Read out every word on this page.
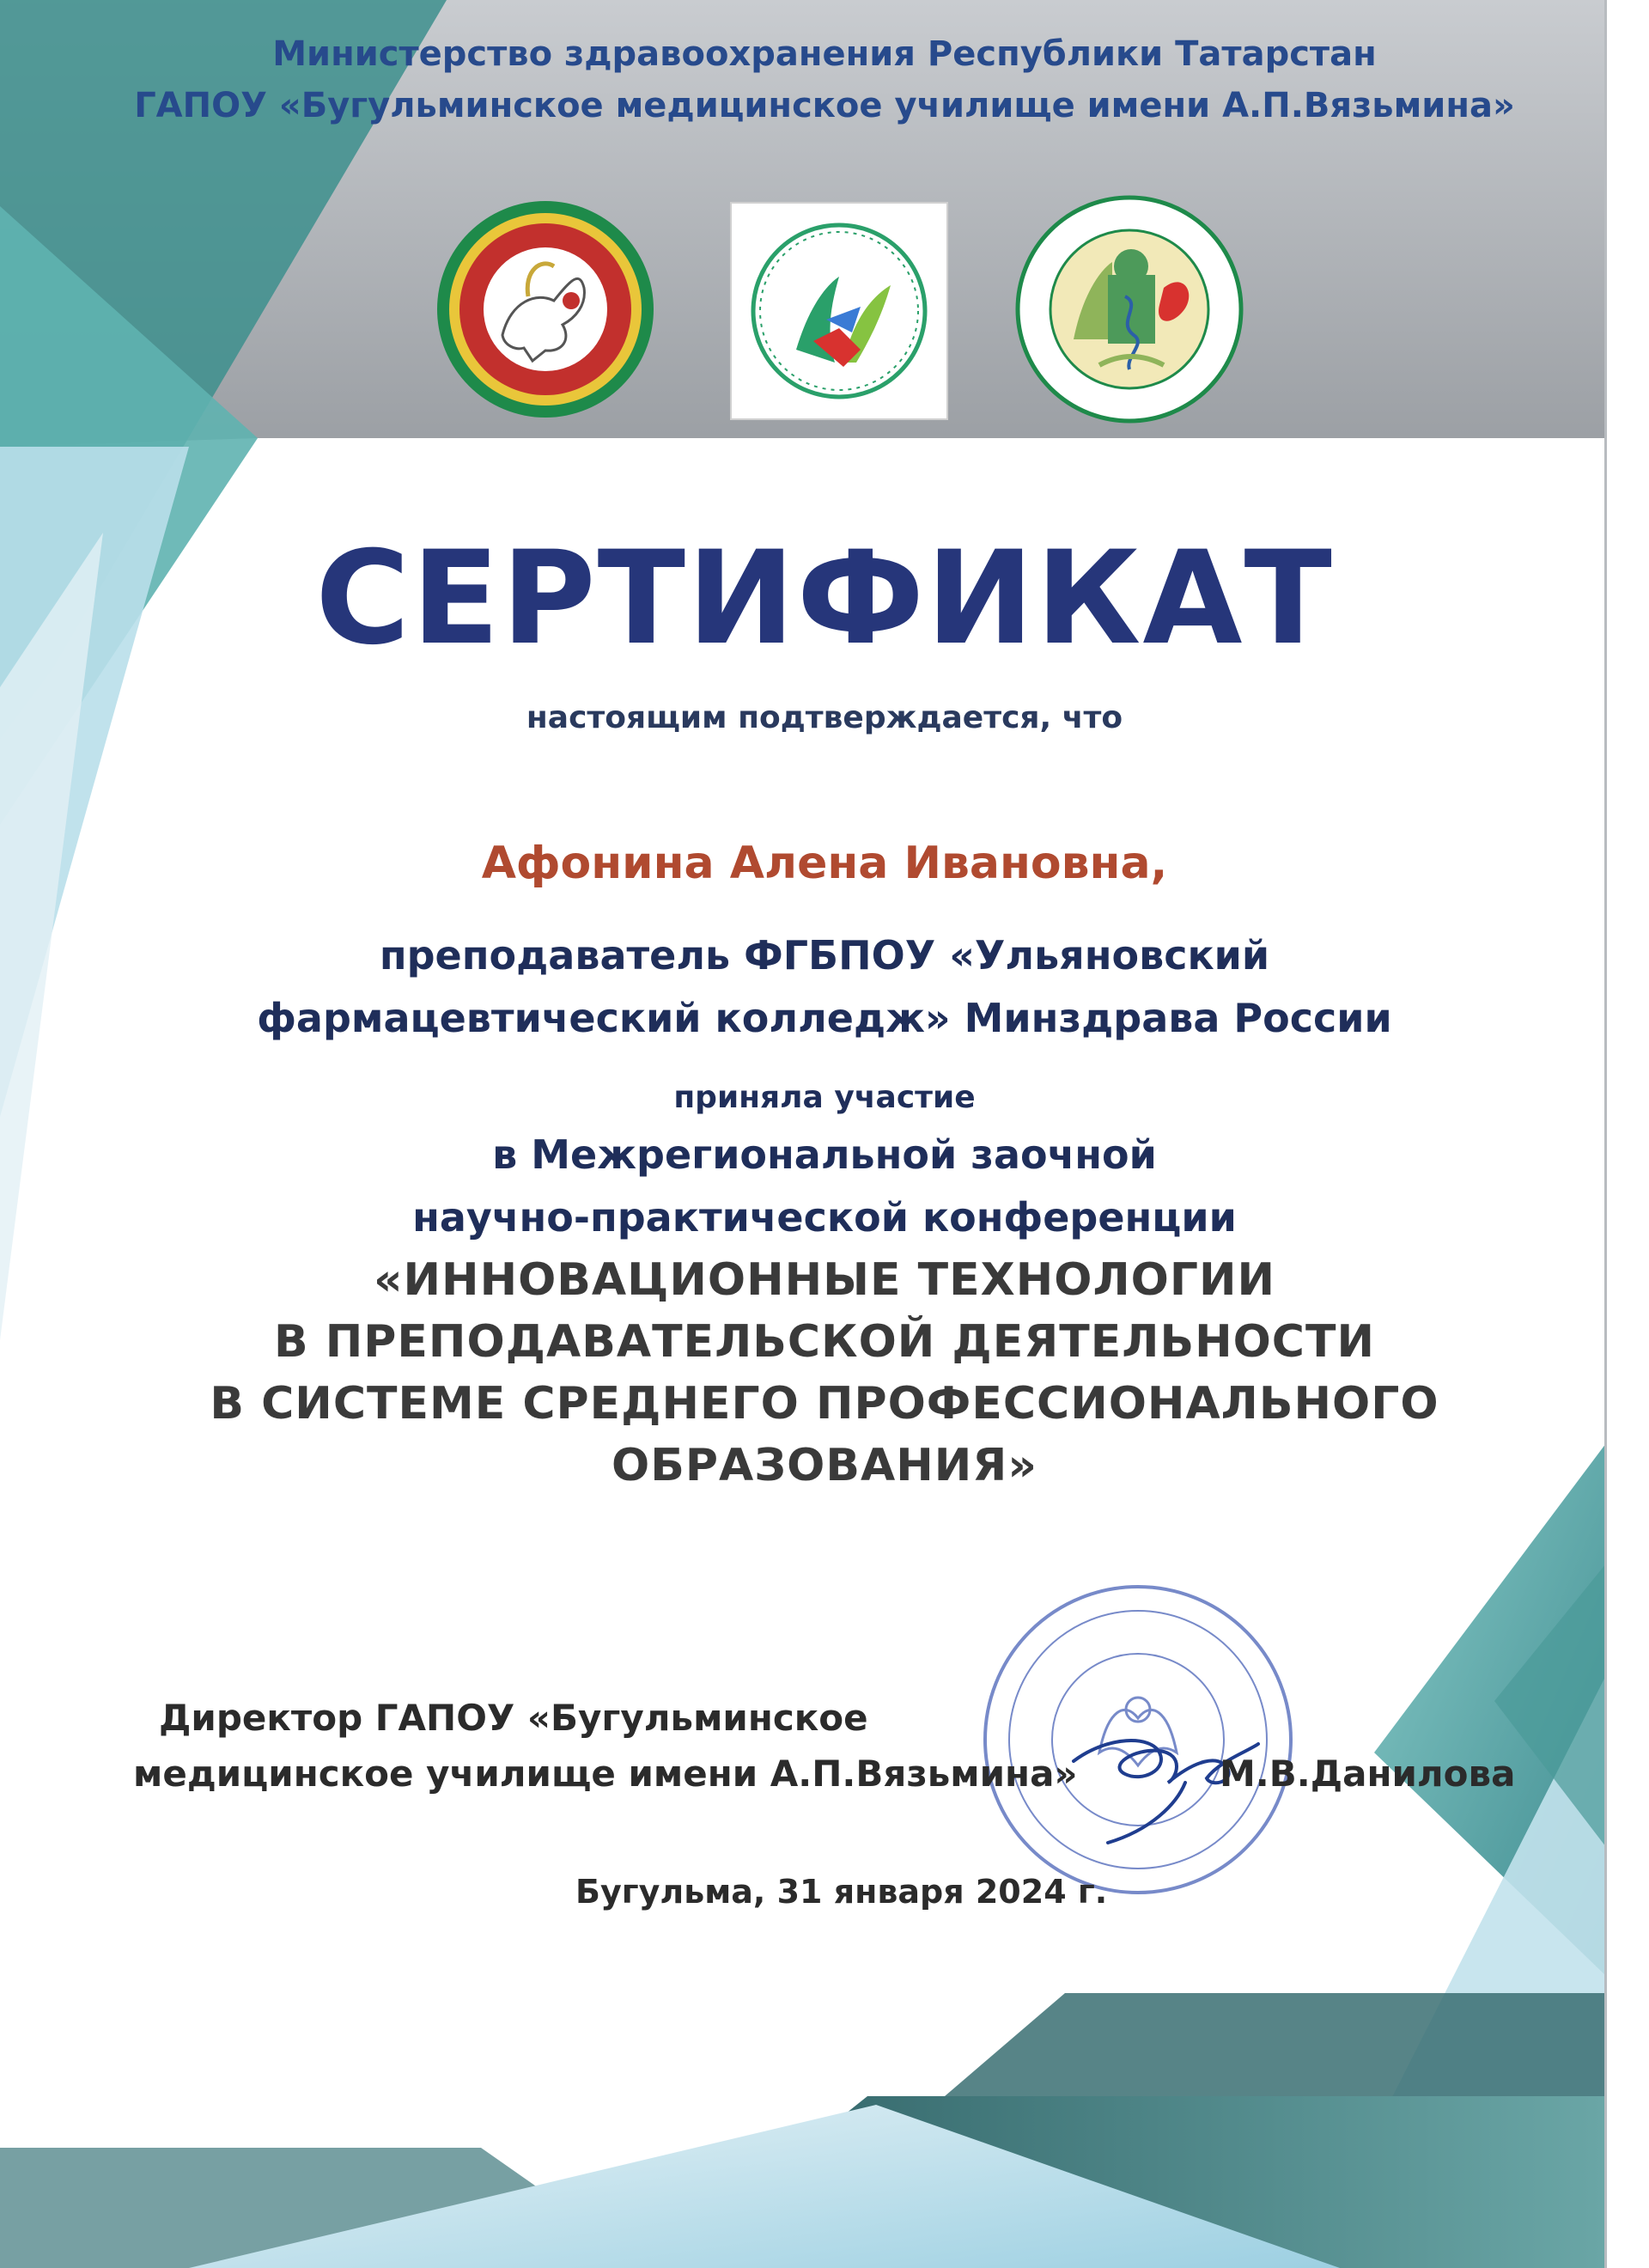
Министерство здравоохранения Республики Татарстан

ГАПОУ «Бугульминское медицинское училище имени А.П.Вязьмина»

СЕРТИФИКАТ

настоящим подтверждается, что

Афонина Алена Ивановна,

преподаватель ФГБПОУ «Ульяновский

фармацевтический колледж» Минздрава России

приняла участие

в Межрегиональной заочной

научно-практической конференции

«ИННОВАЦИОННЫЕ ТЕХНОЛОГИИ

В ПРЕПОДАВАТЕЛЬСКОЙ ДЕЯТЕЛЬНОСТИ

В СИСТЕМЕ СРЕДНЕГО ПРОФЕССИОНАЛЬНОГО

ОБРАЗОВАНИЯ»

Директор ГАПОУ «Бугульминское

медицинское училище имени А.П.Вязьмина»	М.В.Данилова

Бугульма, 31 января 2024 г.
